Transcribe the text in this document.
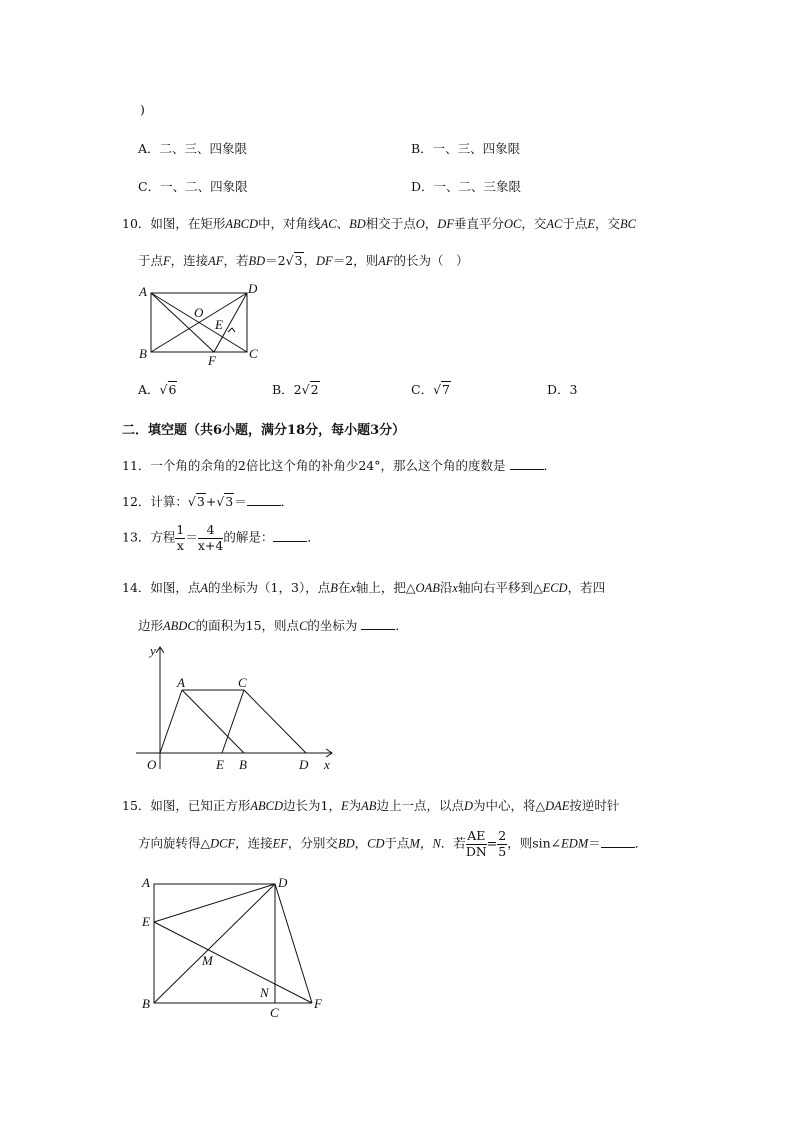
)
A．二、三、四象限	B．一、三、四象限
C．一、二、四象限	D．一、二、三象限
10．如图，在矩形ABCD中，对角线AC、BD相交于点O，DF垂直平分OC，交AC于点E，交BC
于点F，连接AF，若BD＝2√3，DF＝2，则AF的长为（　）
A	D
O
E
B	F	C
A．√6	B．2√2	C．√7	D．3
二．填空题（共6小题，满分18分，每小题3分）
11．一个角的余角的2倍比这个角的补角少24°，那么这个角的度数是	．
12．计算：√3+√3＝	．
13．方程 $\frac{1}{x} = \frac{4}{x+4}$ 的解是：	．
14．如图，点A的坐标为（1，3），点B在x轴上，把△OAB沿x轴向右平移到△ECD，若四
边形ABDC的面积为15，则点C的坐标为	．
y
A	C
O	E B	D x
15．如图，已知正方形ABCD边长为1，E为AB边上一点，以点D为中心，将△DAE按逆时针
方向旋转得△DCF，连接EF，分别交BD，CD于点M，N．若 $\frac{AE}{DN} = \frac{2}{5}$ ，则sin∠EDM＝	．
A	D
E
M
N
B
C
F
